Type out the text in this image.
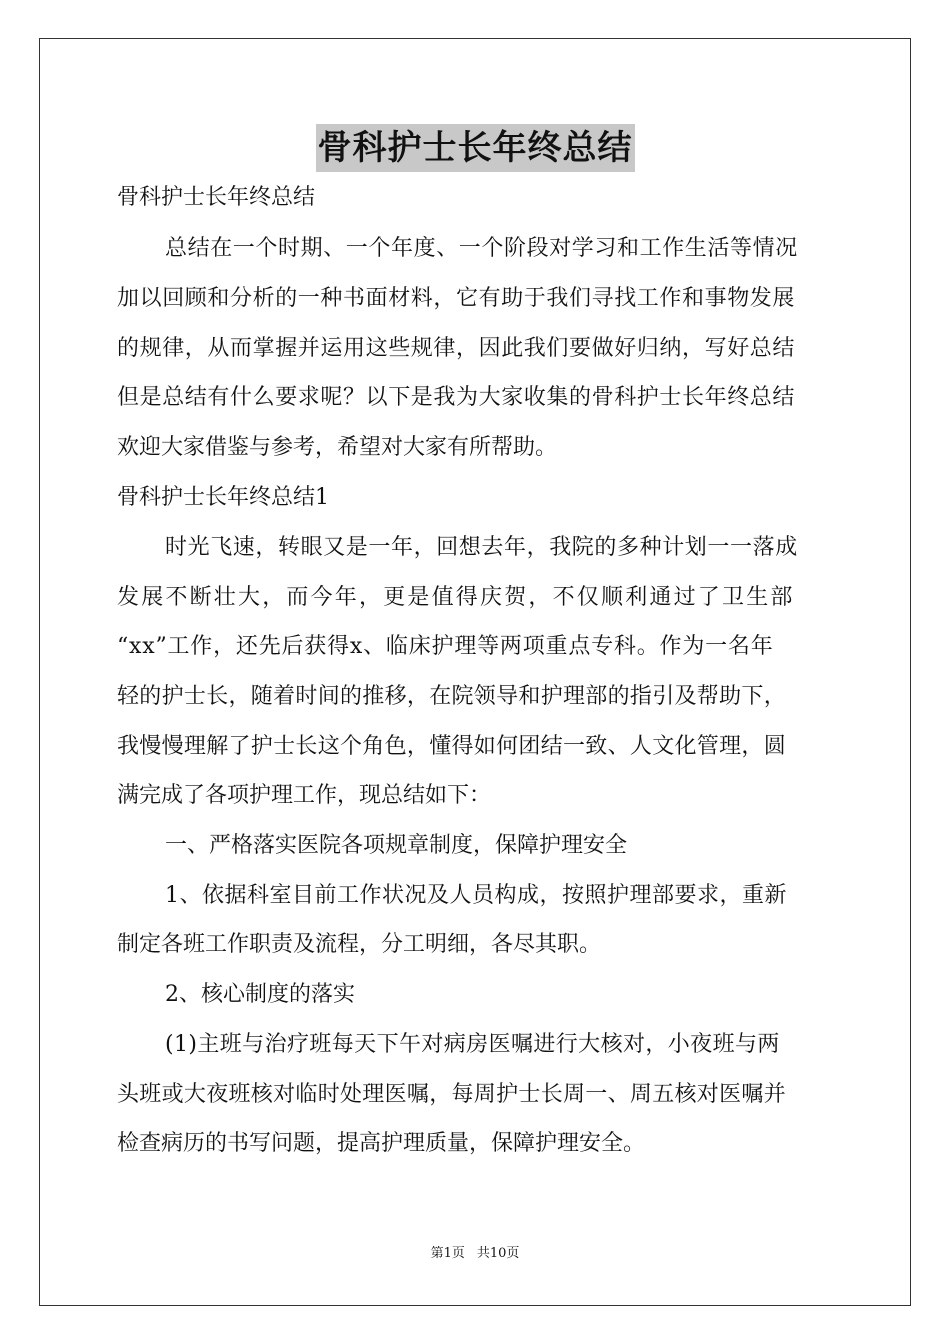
骨科护士长年终总结
骨科护士长年终总结
总结在一个时期、一个年度、一个阶段对学习和工作生活等情况
加以回顾和分析的一种书面材料，它有助于我们寻找工作和事物发展
的规律，从而掌握并运用这些规律，因此我们要做好归纳，写好总结
但是总结有什么要求呢？以下是我为大家收集的骨科护士长年终总结
欢迎大家借鉴与参考，希望对大家有所帮助。
骨科护士长年终总结1
时光飞速，转眼又是一年，回想去年，我院的多种计划一一落成
发展不断壮大，而今年，更是值得庆贺，不仅顺利通过了卫生部
“xx”工作，还先后获得x、临床护理等两项重点专科。作为一名年
轻的护士长，随着时间的推移，在院领导和护理部的指引及帮助下，
我慢慢理解了护士长这个角色，懂得如何团结一致、人文化管理，圆
满完成了各项护理工作，现总结如下：
一、严格落实医院各项规章制度，保障护理安全
1、依据科室目前工作状况及人员构成，按照护理部要求，重新
制定各班工作职责及流程，分工明细，各尽其职。
2、核心制度的落实
(1)主班与治疗班每天下午对病房医嘱进行大核对，小夜班与两
头班或大夜班核对临时处理医嘱，每周护士长周一、周五核对医嘱并
检查病历的书写问题，提高护理质量，保障护理安全。
第1页 共10页
